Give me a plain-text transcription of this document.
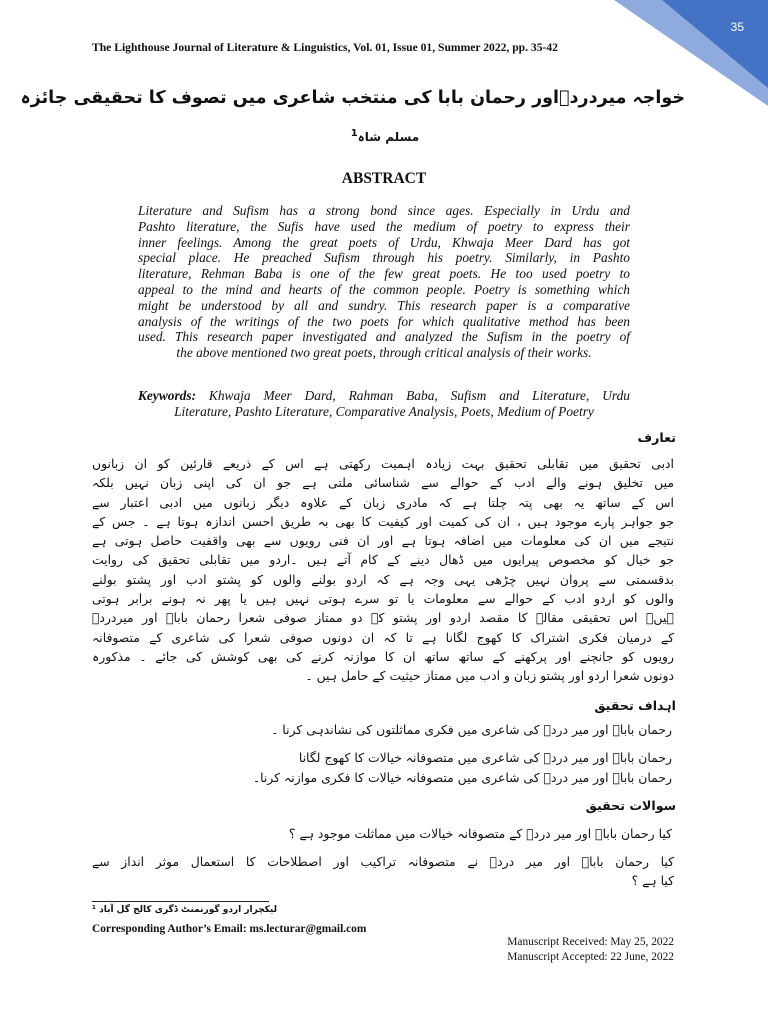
35
The Lighthouse Journal of Literature & Linguistics, Vol. 01, Issue 01, Summer 2022, pp. 35-42
خواجہ میردردؔاور رحمان بابا کی منتخب شاعری میں تصوف کا تحقیقی جائزہ
مسلم شاہ$^1$
ABSTRACT
Literature and Sufism has a strong bond since ages. Especially in Urdu and
Pashto literature, the Sufis have used the medium of poetry to express their
inner feelings. Among the great poets of Urdu, Khwaja Meer Dard has got
special place. He preached Sufism through his poetry. Similarly, in Pashto
literature, Rehman Baba is one of the few great poets. He too used poetry to
appeal to the mind and hearts of the common people. Poetry is something which
might be understood by all and sundry. This research paper is a comparative
analysis of the writings of the two poets for which qualitative method has been
used. This research paper investigated and analyzed the Sufism in the poetry of
the above mentioned two great poets, through critical analysis of their works.
Keywords: Khwaja Meer Dard, Rahman Baba, Sufism and Literature, Urdu
Literature, Pashto Literature, Comparative Analysis, Poets, Medium of Poetry
تعارف
ادبی تحقیق میں تقابلی تحقیق بہت زیادہ اہمیت رکھتی ہے اس کے ذریعے قارئین کو ان زبانوں
میں تخلیق ہونے والے ادب کے حوالے سے شناسائی ملتی ہے جو ان کی اپنی زبان نہیں بلکہ
اس کے ساتھ یہ بھی پتہ چلتا ہے کہ مادری زبان کے علاوہ دیگر زبانوں میں ادبی اعتبار سے
جو جواہر پارے موجود ہیں ، ان کی کمیت اور کیفیت کا بھی بہ طریق احسن اندازہ ہوتا ہے ۔ جس کے
نتیجے میں ان کی معلومات میں اضافہ ہوتا ہے اور ان فنی رویوں سے بھی واقفیت حاصل ہوتی ہے
جو خیال کو مخصوص پیرایوں میں ڈھال دینے کے کام آتے ہیں ۔اردو میں تقابلی تحقیق کی روایت
بدقسمتی سے پروان نہیں چڑھی یہی وجہ ہے کہ اردو بولنے والوں کو پشتو ادب اور پشتو بولنے
والوں کو اردو ادب کے حوالے سے معلومات یا تو سرے ہوتی نہیں ہیں یا پھر نہ ہونے برابر ہوتی
ہیں۔ اس تحقیقی مقالے کا مقصد اردو اور پشتو کے دو ممتاز صوفی شعرا رحمان باباؒ اور میردردؔ
کے درمیان فکری اشتراک کا کھوج لگانا ہے تا کہ ان دونوں صوفی شعرا کی شاعری کے متصوفانہ
رویوں کو جانچنے اور پرکھنے کے ساتھ ساتھ ان کا موازنہ کرنے کی بھی کوشش کی جائے ۔ مذکورہ
دونوں شعرا اردو اور پشتو زبان و ادب میں ممتاز حیثیت کے حامل ہیں ۔
اہداف تحقیق
رحمان باباؒ اور میر دردؔ کی شاعری میں فکری مماثلتوں کی نشاندہی کرنا ۔
رحمان باباؒ اور میر دردؔ کی شاعری میں متصوفانہ خیالات کا کھوج لگانا
رحمان باباؒ اور میر دردؔ کی شاعری میں متصوفانہ خیالات کا فکری موازنہ کرنا۔
سوالات تحقیق
کیا رحمان باباؒ اور میر دردؔ کے متصوفانہ خیالات میں مماثلت موجود ہے ؟
کیا رحمان باباؒ اور میر دردؔ نے متصوفانہ تراکیب اور اصطلاحات کا استعمال موثر انداز سے
کیا ہے ؟
لیکچرار اردو گورنمنٹ ڈگری کالج گل آباد ¹
Corresponding Author’s Email: ms.lecturar@gmail.com
Manuscript Received: May 25, 2022
Manuscript Accepted: 22 June, 2022
